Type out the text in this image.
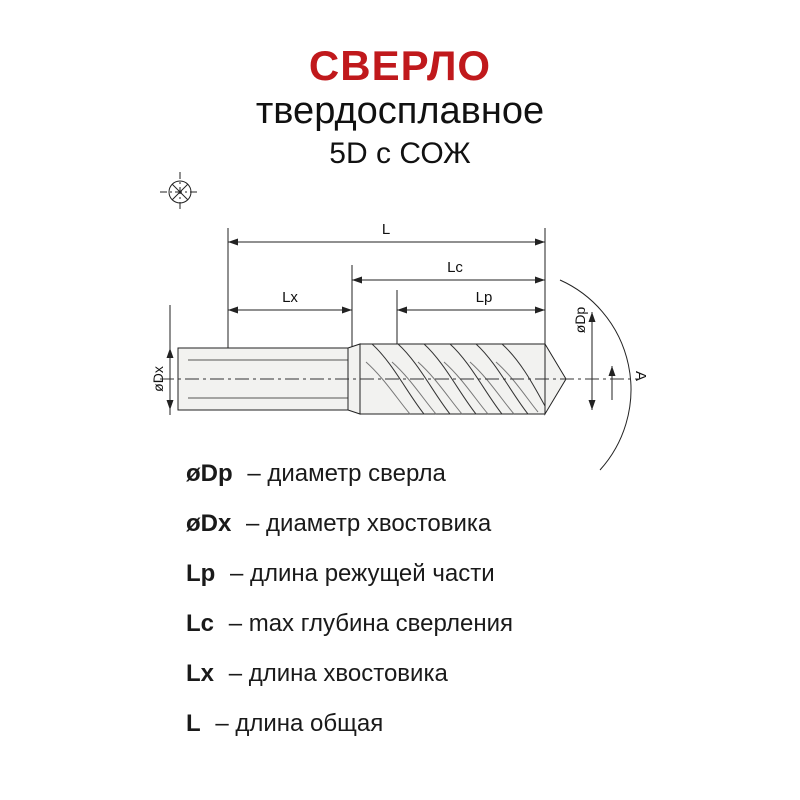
СВЕРЛО
твердосплавное
5D с СОЖ
L
Lc
Lp
Lx
øDx
øDp
A
øDp – диаметр сверла
øDx – диаметр хвостовика
Lp – длина режущей части
Lc – max глубина сверления
Lx – длина хвостовика
L – длина общая
